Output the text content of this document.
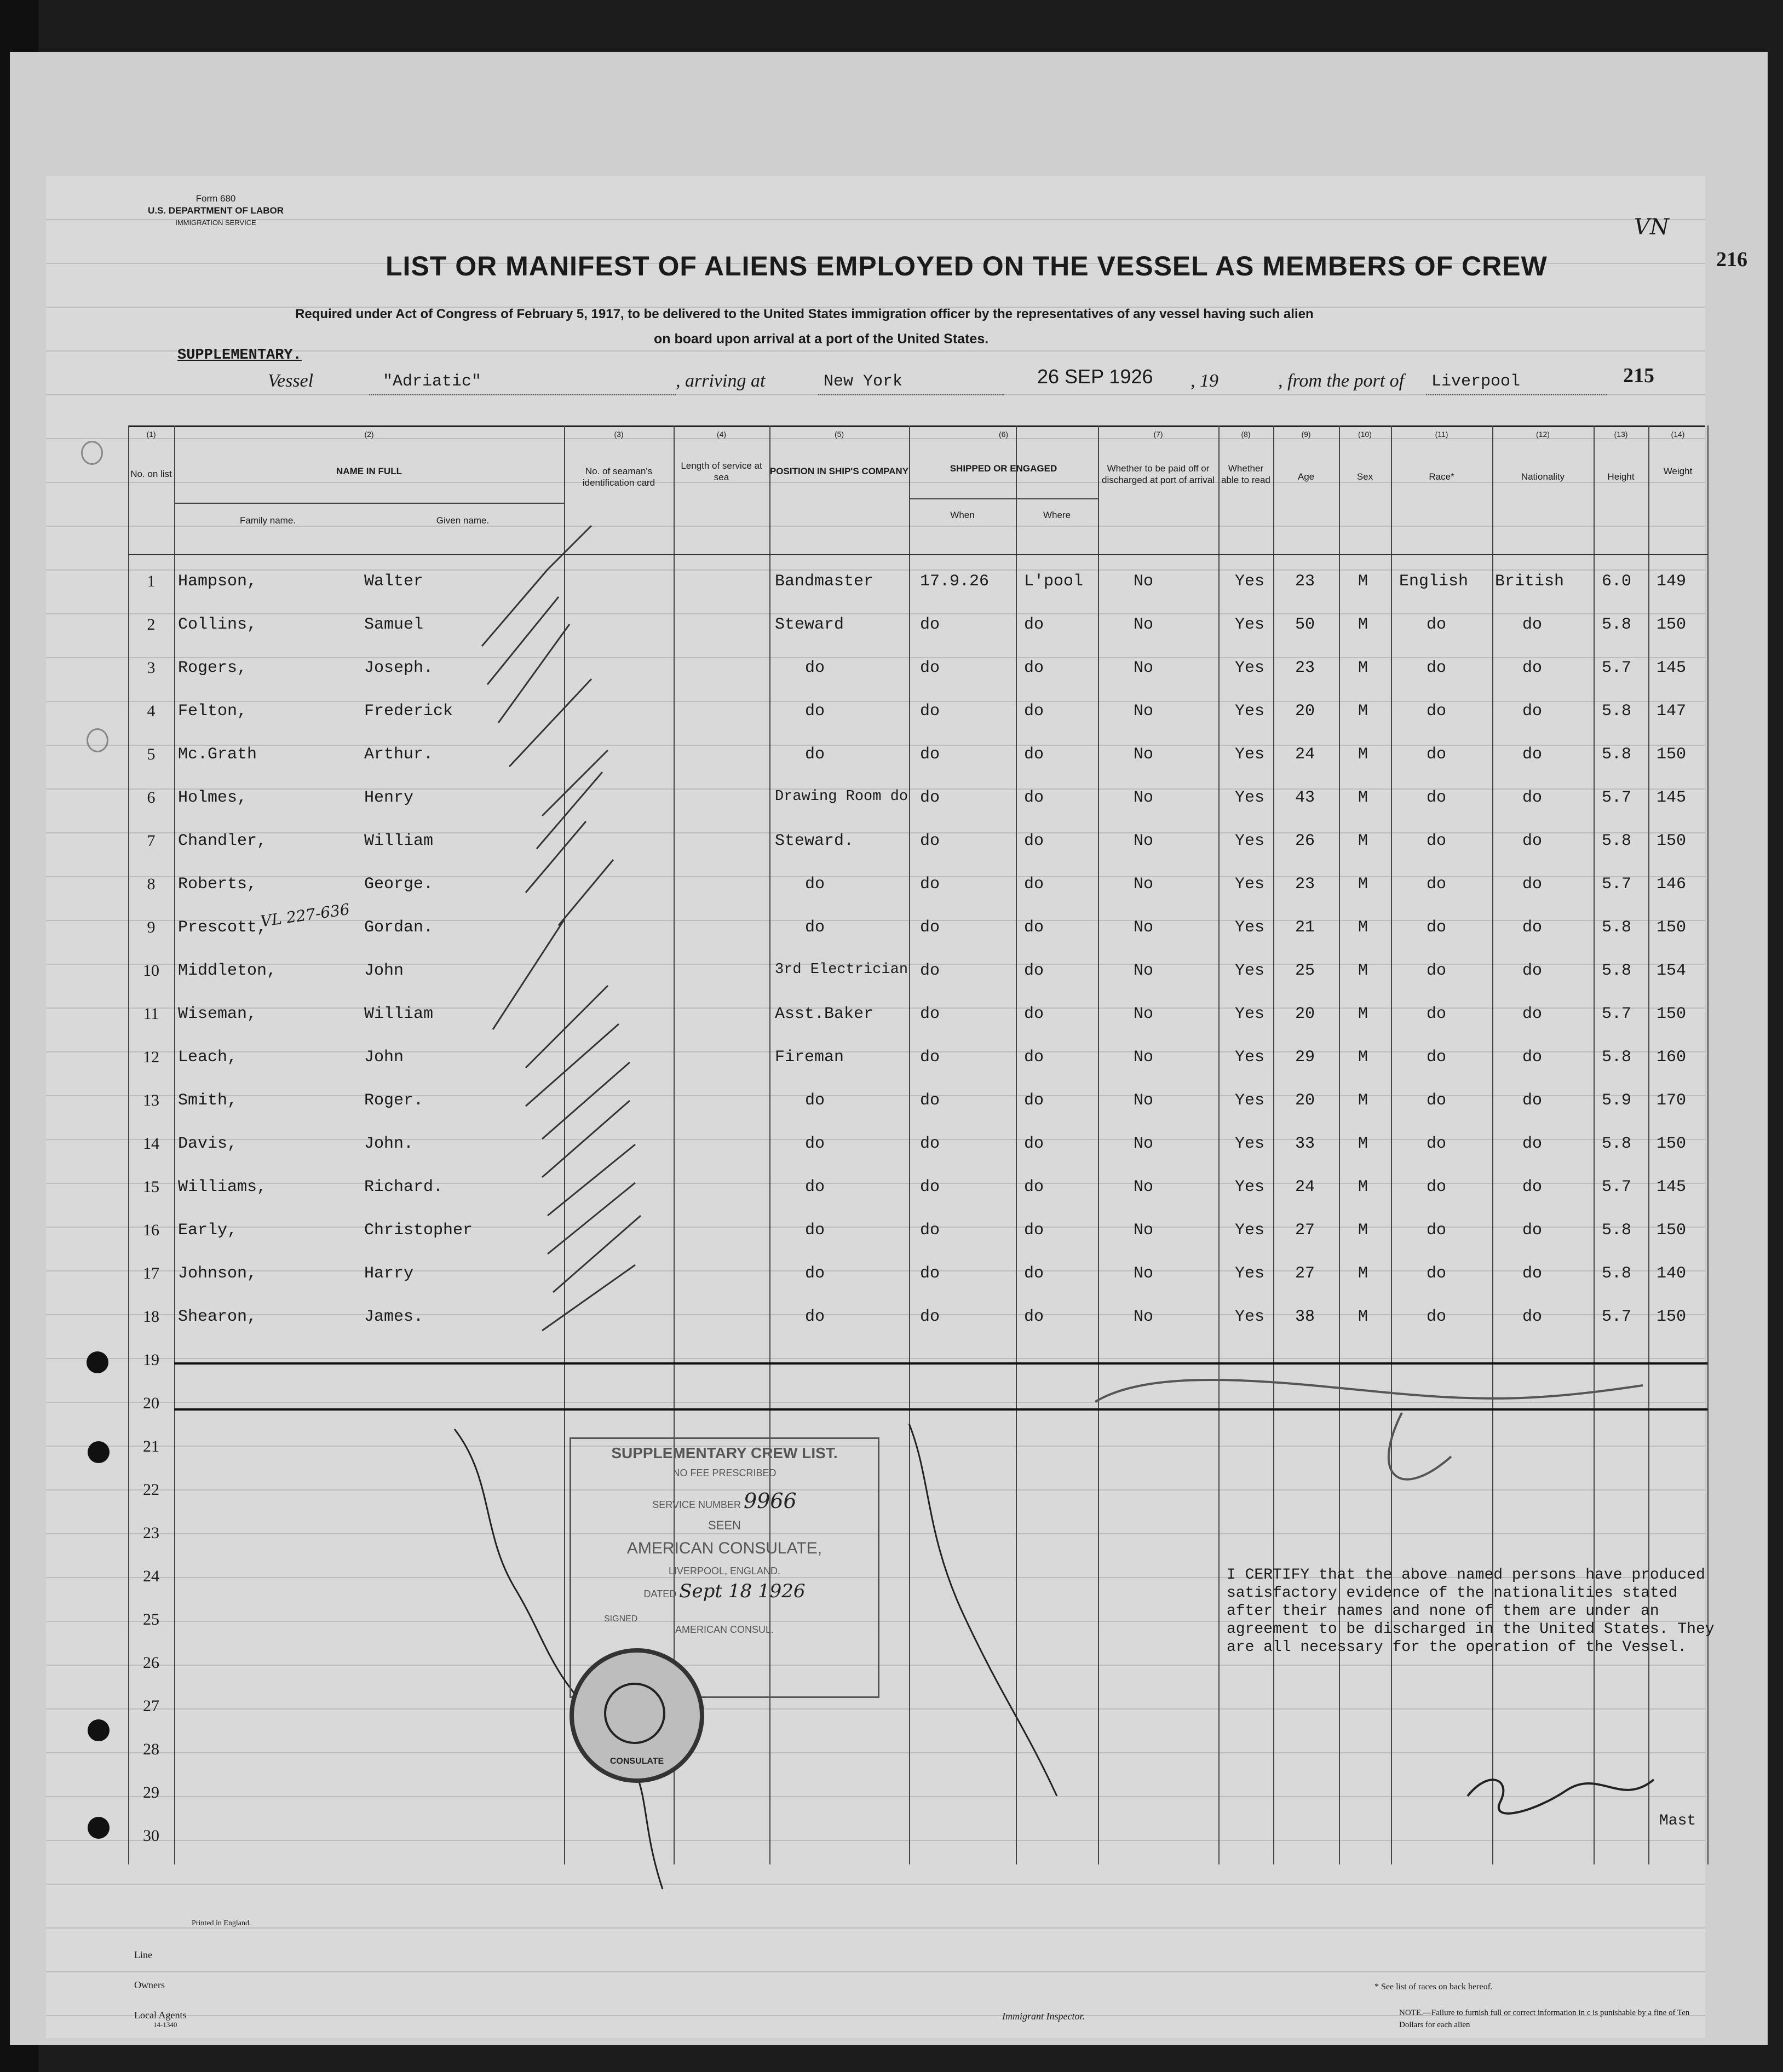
Form 680
U.S. DEPARTMENT OF LABOR
IMMIGRATION SERVICE
LIST OR MANIFEST OF ALIENS EMPLOYED ON THE VESSEL AS MEMBERS OF CREW
Required under Act of Congress of February 5, 1917, to be delivered to the United States immigration officer by the representatives of any vessel having such alien
on board upon arrival at a port of the United States.
SUPPLEMENTARY.
216
VN
Vessel	"Adriatic"	, arriving at	New York	26 SEP 1926 , 19	, from the port of Liverpool	215
No. on list	NAME IN FULL
Family name.	Given name.
No. of seaman's identification card
Length of service at sea
POSITION IN SHIP'S COMPANY	SHIPPED OR ENGAGED
When	Where
Whether to be paid off or discharged at port of arrival
Whether able to read	Age	Sex	Race*	Nationality	Height
Weight
(1)	(2)	(3)	(4)	(5)	(6)	(7)	(8)	(9)	(10)	(11)	(12)	(13)	(14)
1	Hampson,	Walter	Bandmaster	17.9.26 L'pool	No	Yes 23	M English British 6.0 149
2	Collins,	Samuel	Steward	do	do	No	Yes 50	M	do	do	5.8 150
3	Rogers,	Joseph.	do	do	do	No	Yes 23	M	do	do	5.7 145
4	Felton,	Frederick	do	do	do	No	Yes 20	M	do	do	5.8 147
5	Mc.Grath	Arthur.	do	do	do	No	Yes 24	M	do	do	5.8 150
6	Holmes,	Henry	Drawing Room do do	do	No	Yes 43	M	do	do	5.7 145
7	Chandler,	William	Steward.	do	do	No	Yes 26	M	do	do	5.8 150
8	Roberts,	George.	do	do	do	No	Yes 23	M	do	do	5.7 146
9	Prescott,	Gordan.	do	do	do	No	Yes 21	M	do	do	5.8 150
10	Middleton,	John	3rd Electrician do	do	No	Yes 25	M	do	do	5.8 154
11	Wiseman,	William	Asst.Baker	do	do	No	Yes 20	M	do	do	5.7 150
12	Leach,	John	Fireman	do	do	No	Yes 29	M	do	do	5.8 160
13	Smith,	Roger.	do	do	do	No	Yes 20	M	do	do	5.9 170
14	Davis,	John.	do	do	do	No	Yes 33	M	do	do	5.8 150
15	Williams,	Richard.	do	do	do	No	Yes 24	M	do	do	5.7 145
16	Early,	Christopher	do	do	do	No	Yes 27	M	do	do	5.8 150
17	Johnson,	Harry	do	do	do	No	Yes 27	M	do	do	5.8 140
18	Shearon,	James.	do	do	do	No	Yes 38	M	do	do	5.7 150
19
20
21
22
23
24
25
26
27
28
29
30
VL 227-636
SUPPLEMENTARY CREW LIST.
NO FEE PRESCRIBED
SERVICE NUMBER 9966
SEEN
AMERICAN CONSULATE,
LIVERPOOL, ENGLAND.
DATED Sept 18 1926
SIGNED
AMERICAN CONSUL.
CONSULATE
I CERTIFY that the above named persons have produced satisfactory evidence of the nationalities stated after their names and none of them are under an agreement to be discharged in the United States. They are all necessary for the operation of the Vessel.
Mast
Printed in England.
Line
Owners
Local Agents
14-1340
Immigrant Inspector.
* See list of races on back hereof.
NOTE.—Failure to furnish full or correct information in c is punishable by a fine of Ten Dollars for each alien
